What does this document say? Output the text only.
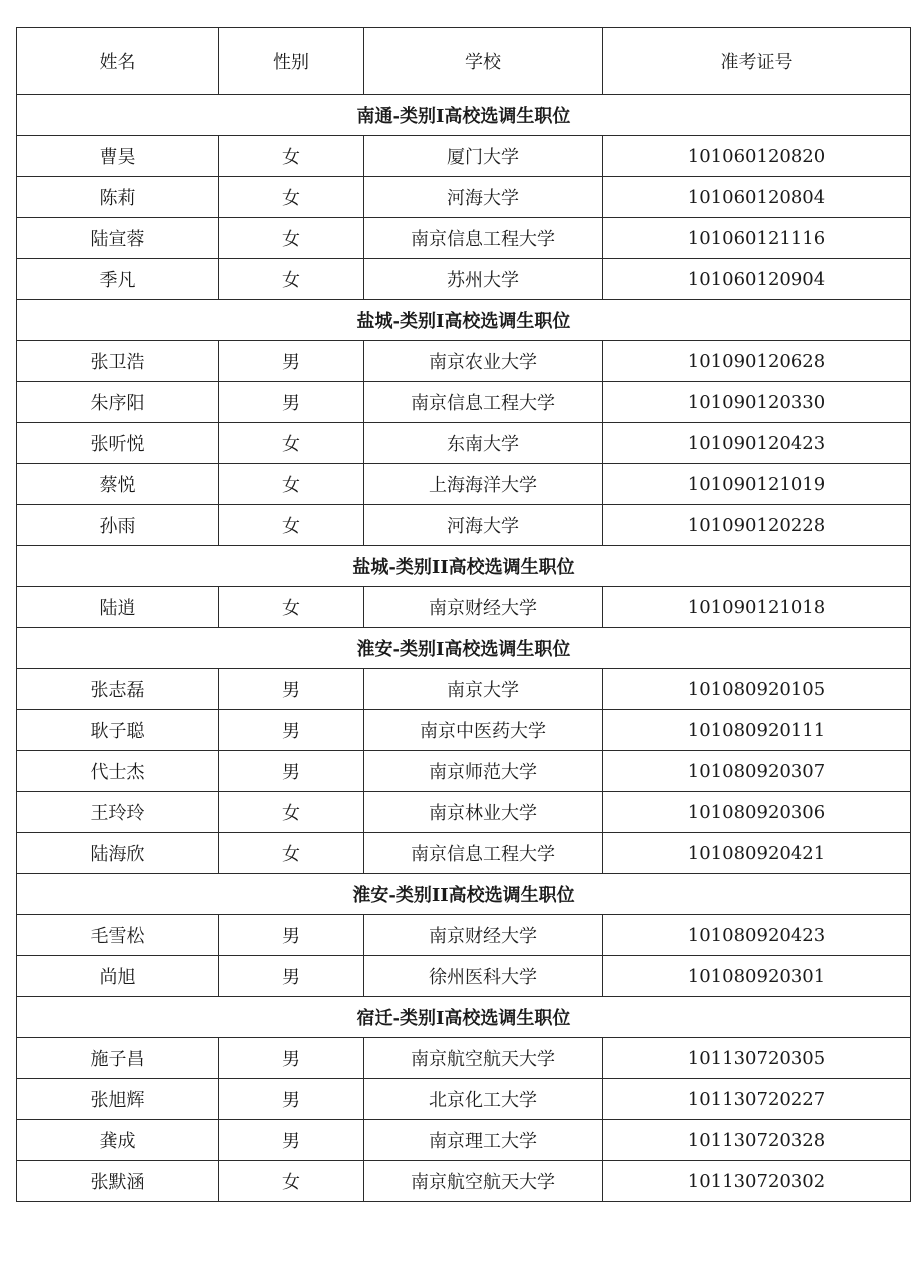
姓名	性别	学校	准考证号
南通-类别I高校选调生职位			
曹昊	女	厦门大学	101060120820
陈莉	女	河海大学	101060120804
陆宣蓉	女	南京信息工程大学	101060121116
季凡	女	苏州大学	101060120904
盐城-类别I高校选调生职位			
张卫浩	男	南京农业大学	101090120628
朱序阳	男	南京信息工程大学	101090120330
张听悦	女	东南大学	101090120423
蔡悦	女	上海海洋大学	101090121019
孙雨	女	河海大学	101090120228
盐城-类别II高校选调生职位			
陆逍	女	南京财经大学	101090121018
淮安-类别I高校选调生职位			
张志磊	男	南京大学	101080920105
耿子聪	男	南京中医药大学	101080920111
代士杰	男	南京师范大学	101080920307
王玲玲	女	南京林业大学	101080920306
陆海欣	女	南京信息工程大学	101080920421
淮安-类别II高校选调生职位			
毛雪松	男	南京财经大学	101080920423
尚旭	男	徐州医科大学	101080920301
宿迁-类别I高校选调生职位			
施子昌	男	南京航空航天大学	101130720305
张旭辉	男	北京化工大学	101130720227
龚成	男	南京理工大学	101130720328
张默涵	女	南京航空航天大学	101130720302
